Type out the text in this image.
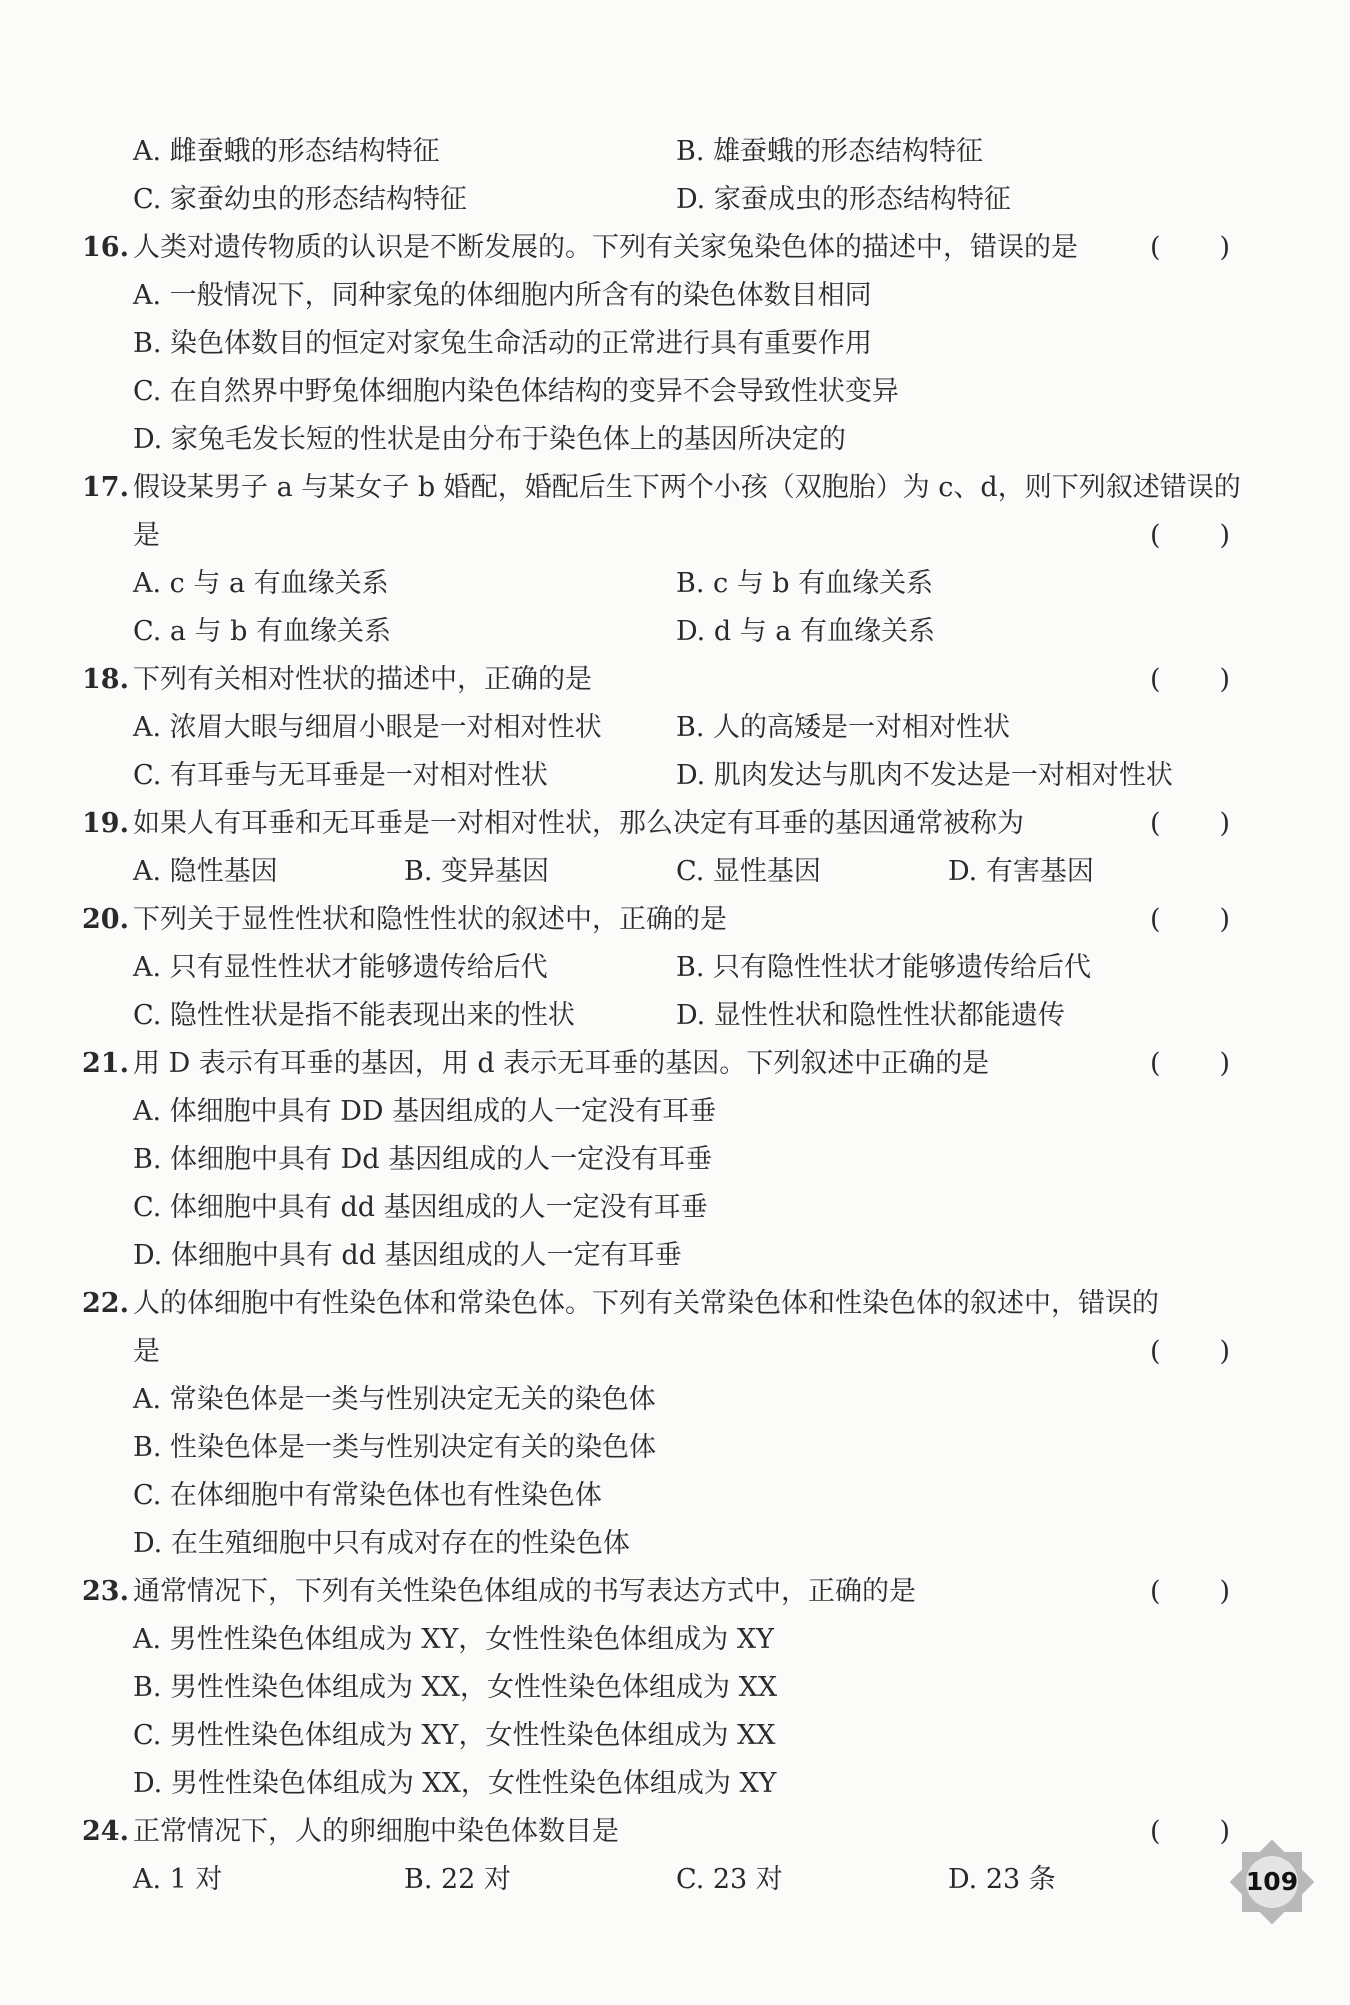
A. 雌蚕蛾的形态结构特征	B. 雄蚕蛾的形态结构特征
C. 家蚕幼虫的形态结构特征	D. 家蚕成虫的形态结构特征
16. 人类对遗传物质的认识是不断发展的。下列有关家兔染色体的描述中，错误的是	( )
A. 一般情况下，同种家兔的体细胞内所含有的染色体数目相同
B. 染色体数目的恒定对家兔生命活动的正常进行具有重要作用
C. 在自然界中野兔体细胞内染色体结构的变异不会导致性状变异
D. 家兔毛发长短的性状是由分布于染色体上的基因所决定的
17. 假设某男子 a 与某女子 b 婚配，婚配后生下两个小孩（双胞胎）为 c、d，则下列叙述错误的
是	( )
A. c 与 a 有血缘关系	B. c 与 b 有血缘关系
C. a 与 b 有血缘关系	D. d 与 a 有血缘关系
18. 下列有关相对性状的描述中，正确的是	( )
A. 浓眉大眼与细眉小眼是一对相对性状	B. 人的高矮是一对相对性状
C. 有耳垂与无耳垂是一对相对性状	D. 肌肉发达与肌肉不发达是一对相对性状
19. 如果人有耳垂和无耳垂是一对相对性状，那么决定有耳垂的基因通常被称为	( )
A. 隐性基因	B. 变异基因	C. 显性基因	D. 有害基因
20. 下列关于显性性状和隐性性状的叙述中，正确的是	( )
A. 只有显性性状才能够遗传给后代	B. 只有隐性性状才能够遗传给后代
C. 隐性性状是指不能表现出来的性状	D. 显性性状和隐性性状都能遗传
21. 用 D 表示有耳垂的基因，用 d 表示无耳垂的基因。下列叙述中正确的是	( )
A. 体细胞中具有 DD 基因组成的人一定没有耳垂
B. 体细胞中具有 Dd 基因组成的人一定没有耳垂
C. 体细胞中具有 dd 基因组成的人一定没有耳垂
D. 体细胞中具有 dd 基因组成的人一定有耳垂
22. 人的体细胞中有性染色体和常染色体。下列有关常染色体和性染色体的叙述中，错误的
是	( )
A. 常染色体是一类与性别决定无关的染色体
B. 性染色体是一类与性别决定有关的染色体
C. 在体细胞中有常染色体也有性染色体
D. 在生殖细胞中只有成对存在的性染色体
23. 通常情况下，下列有关性染色体组成的书写表达方式中，正确的是	( )
A. 男性性染色体组成为 XY，女性性染色体组成为 XY
B. 男性性染色体组成为 XX，女性性染色体组成为 XX
C. 男性性染色体组成为 XY，女性性染色体组成为 XX
D. 男性性染色体组成为 XX，女性性染色体组成为 XY
24. 正常情况下，人的卵细胞中染色体数目是	( )
A. 1 对	B. 22 对	C. 23 对	D. 23 条	109
